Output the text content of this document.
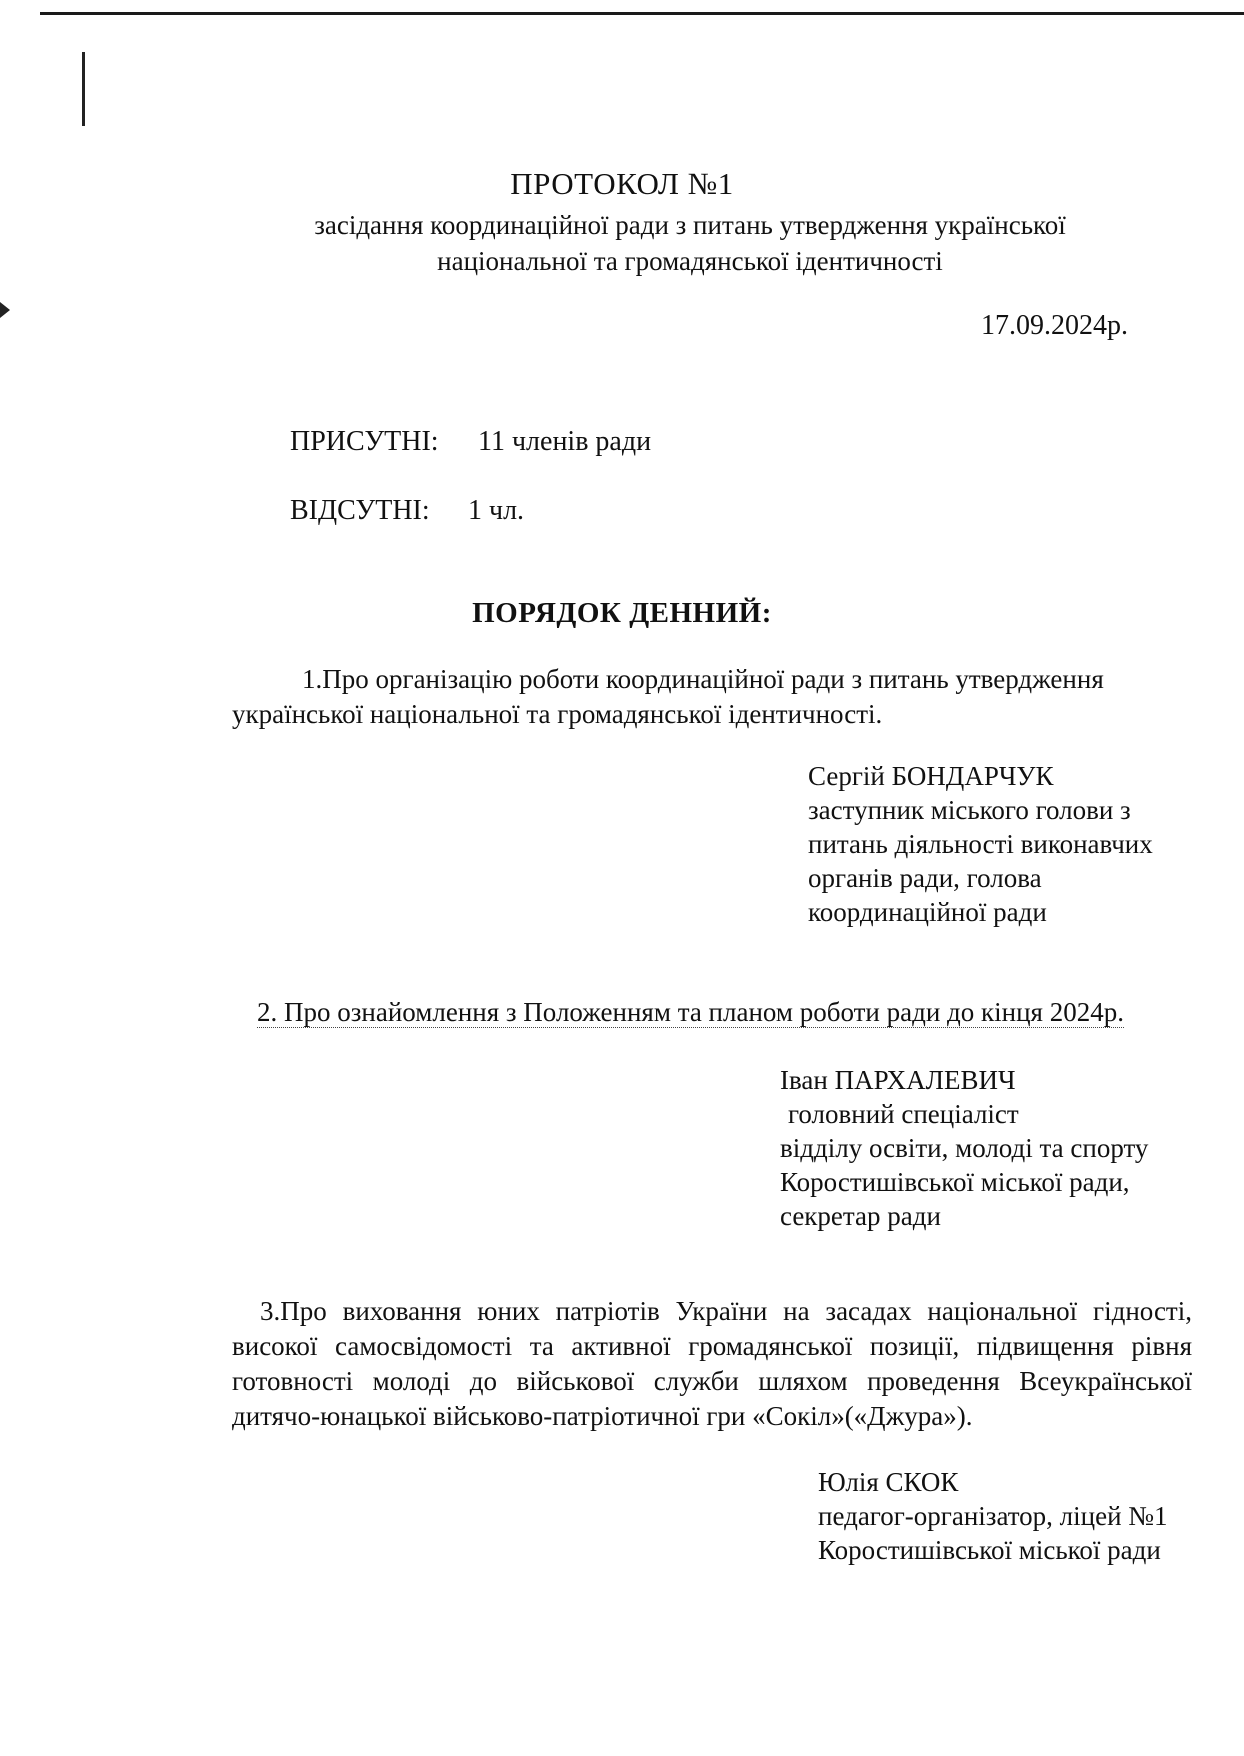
ПРОТОКОЛ №1
засідання координаційної ради з питань утвердження української
національної та громадянської ідентичності
17.09.2024р.
ПРИСУТНІ: 11 членів ради
ВІДСУТНІ: 1 чл.
ПОРЯДОК ДЕННИЙ:
1.Про організацію роботи координаційної ради з питань утвердження української національної та громадянської ідентичності.
Сергій БОНДАРЧУК
заступник міського голови з
питань діяльності виконавчих
органів ради, голова
координаційної ради
2. Про ознайомлення з Положенням та планом роботи ради до кінця 2024р.
Іван ПАРХАЛЕВИЧ
головний спеціаліст
відділу освіти, молоді та спорту
Коростишівської міської ради,
секретар ради
3.Про виховання юних патріотів України на засадах національної гідності, високої самосвідомості та активної громадянської позиції, підвищення рівня готовності молоді до військової служби шляхом проведення Всеукраїнської дитячо-юнацької військово-патріотичної гри «Сокіл»(«Джура»).
Юлія СКОК
педагог-організатор, ліцей №1
Коростишівської міської ради
